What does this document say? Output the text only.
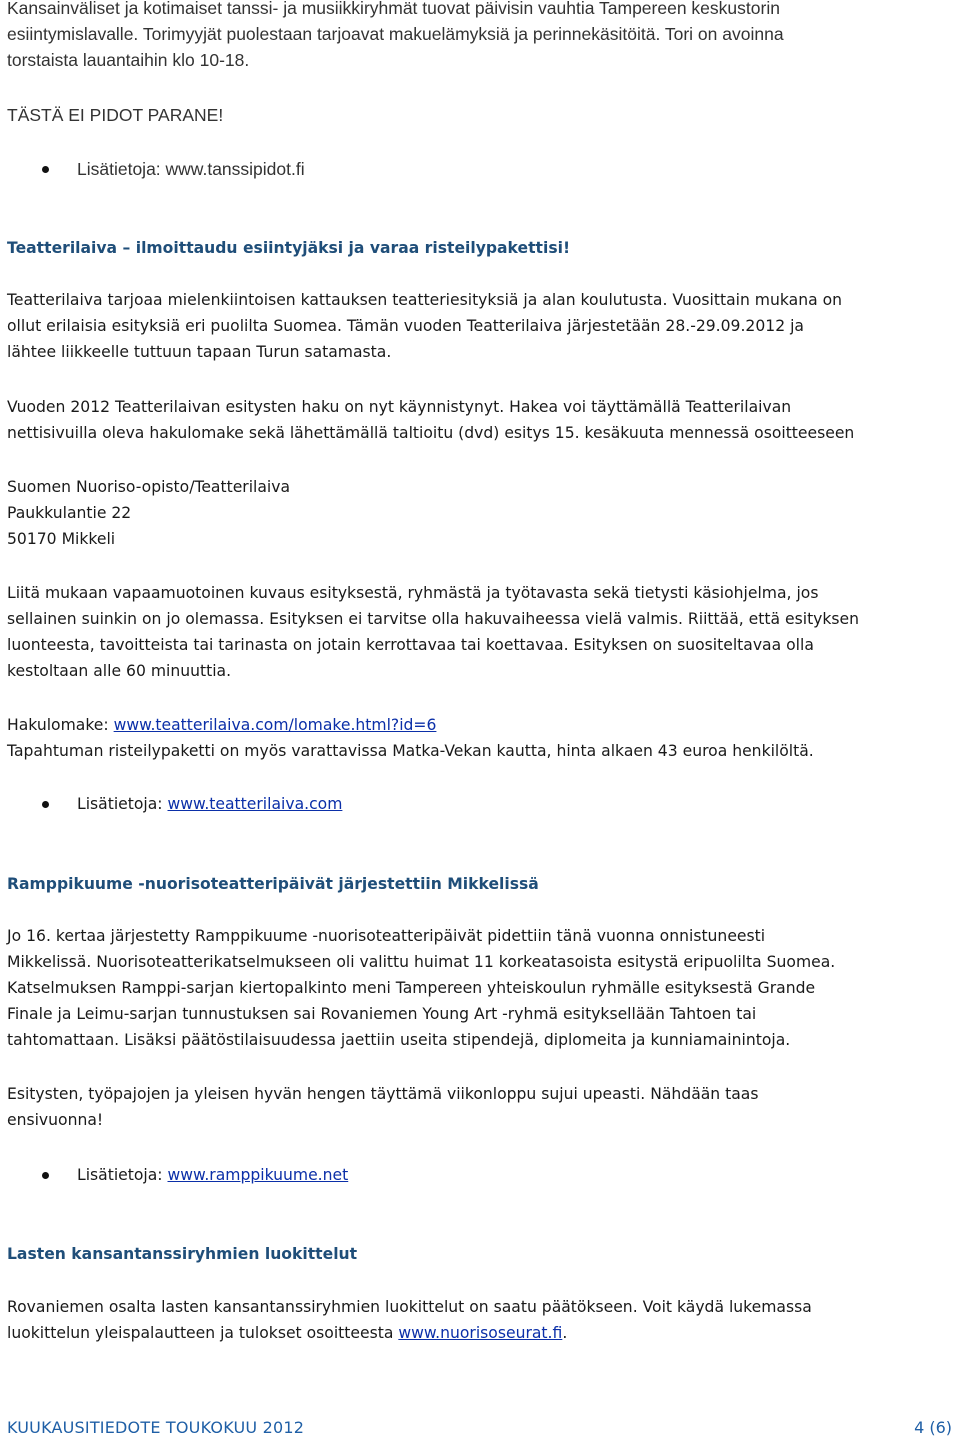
Kansainväliset ja kotimaiset tanssi- ja musiikkiryhmät tuovat päivisin vauhtia Tampereen keskustorin
esiintymislavalle. Torimyyjät puolestaan tarjoavat makuelämyksiä ja perinnekäsitöitä. Tori on avoinna
torstaista lauantaihin klo 10-18.
TÄSTÄ EI PIDOT PARANE!
Lisätietoja: www.tanssipidot.fi
Teatterilaiva – ilmoittaudu esiintyjäksi ja varaa risteilypakettisi!
Teatterilaiva tarjoaa mielenkiintoisen kattauksen teatteriesityksiä ja alan koulutusta. Vuosittain mukana on
ollut erilaisia esityksiä eri puolilta Suomea. Tämän vuoden Teatterilaiva järjestetään 28.-29.09.2012 ja
lähtee liikkeelle tuttuun tapaan Turun satamasta.
Vuoden 2012 Teatterilaivan esitysten haku on nyt käynnistynyt. Hakea voi täyttämällä Teatterilaivan
nettisivuilla oleva hakulomake sekä lähettämällä taltioitu (dvd) esitys 15. kesäkuuta mennessä osoitteeseen
Suomen Nuoriso-opisto/Teatterilaiva
Paukkulantie 22
50170 Mikkeli
Liitä mukaan vapaamuotoinen kuvaus esityksestä, ryhmästä ja työtavasta sekä tietysti käsiohjelma, jos
sellainen suinkin on jo olemassa. Esityksen ei tarvitse olla hakuvaiheessa vielä valmis. Riittää, että esityksen
luonteesta, tavoitteista tai tarinasta on jotain kerrottavaa tai koettavaa. Esityksen on suositeltavaa olla
kestoltaan alle 60 minuuttia.
Hakulomake: www.teatterilaiva.com/lomake.html?id=6
Tapahtuman risteilypaketti on myös varattavissa Matka-Vekan kautta, hinta alkaen 43 euroa henkilöltä.
Lisätietoja: www.teatterilaiva.com
Ramppikuume -nuorisoteatteripäivät järjestettiin Mikkelissä
Jo 16. kertaa järjestetty Ramppikuume -nuorisoteatteripäivät pidettiin tänä vuonna onnistuneesti
Mikkelissä. Nuorisoteatterikatselmukseen oli valittu huimat 11 korkeatasoista esitystä eripuolilta Suomea.
Katselmuksen Ramppi-sarjan kiertopalkinto meni Tampereen yhteiskoulun ryhmälle esityksestä Grande
Finale ja Leimu-sarjan tunnustuksen sai Rovaniemen Young Art -ryhmä esityksellään Tahtoen tai
tahtomattaan. Lisäksi päätöstilaisuudessa jaettiin useita stipendejä, diplomeita ja kunniamainintoja.
Esitysten, työpajojen ja yleisen hyvän hengen täyttämä viikonloppu sujui upeasti. Nähdään taas
ensivuonna!
Lisätietoja: www.ramppikuume.net
Lasten kansantanssiryhmien luokittelut
Rovaniemen osalta lasten kansantanssiryhmien luokittelut on saatu päätökseen. Voit käydä lukemassa
luokittelun yleispalautteen ja tulokset osoitteesta www.nuorisoseurat.fi.
KUUKAUSITIEDOTE TOUKOKUU 2012	4 (6)
